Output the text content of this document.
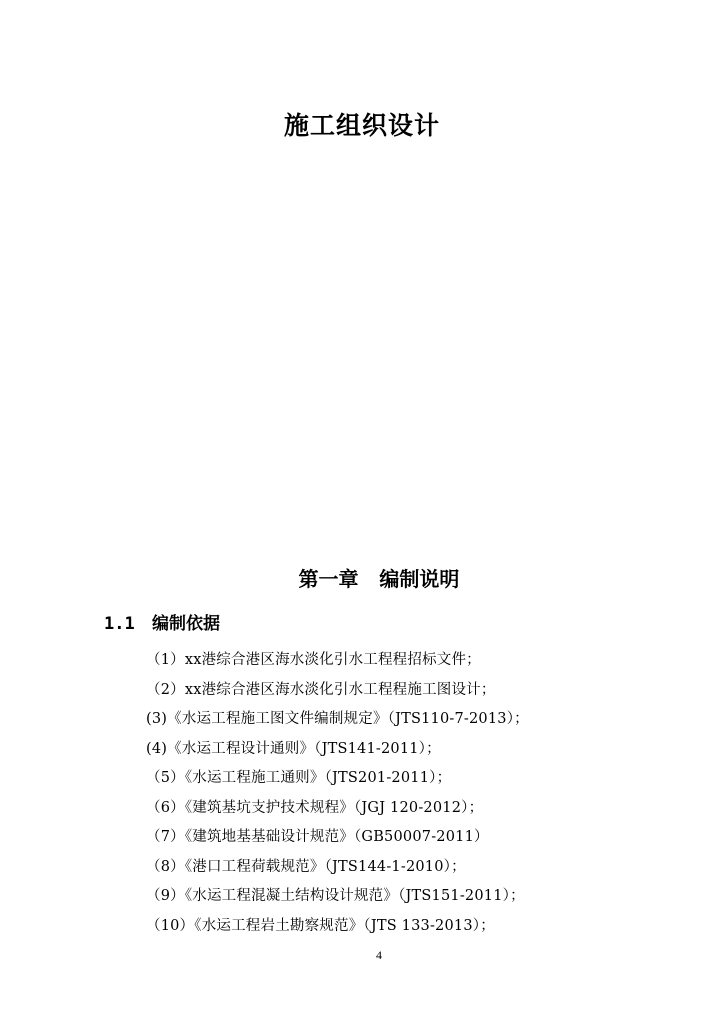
施工组织设计
第一章   编制说明
1.1 编制依据
（1）xx港综合港区海水淡化引水工程程招标文件；
（2）xx港综合港区海水淡化引水工程程施工图设计；
(3)《水运工程施工图文件编制规定》（JTS110-7-2013）；
(4)《水运工程设计通则》（JTS141-2011）；
（5）《水运工程施工通则》（JTS201-2011）；
（6）《建筑基坑支护技术规程》（JGJ 120-2012）；
（7）《建筑地基基础设计规范》（GB50007-2011）
（8）《港口工程荷载规范》（JTS144-1-2010）；
（9）《水运工程混凝土结构设计规范》（JTS151-2011）；
（10）《水运工程岩土勘察规范》（JTS 133-2013）；
4
